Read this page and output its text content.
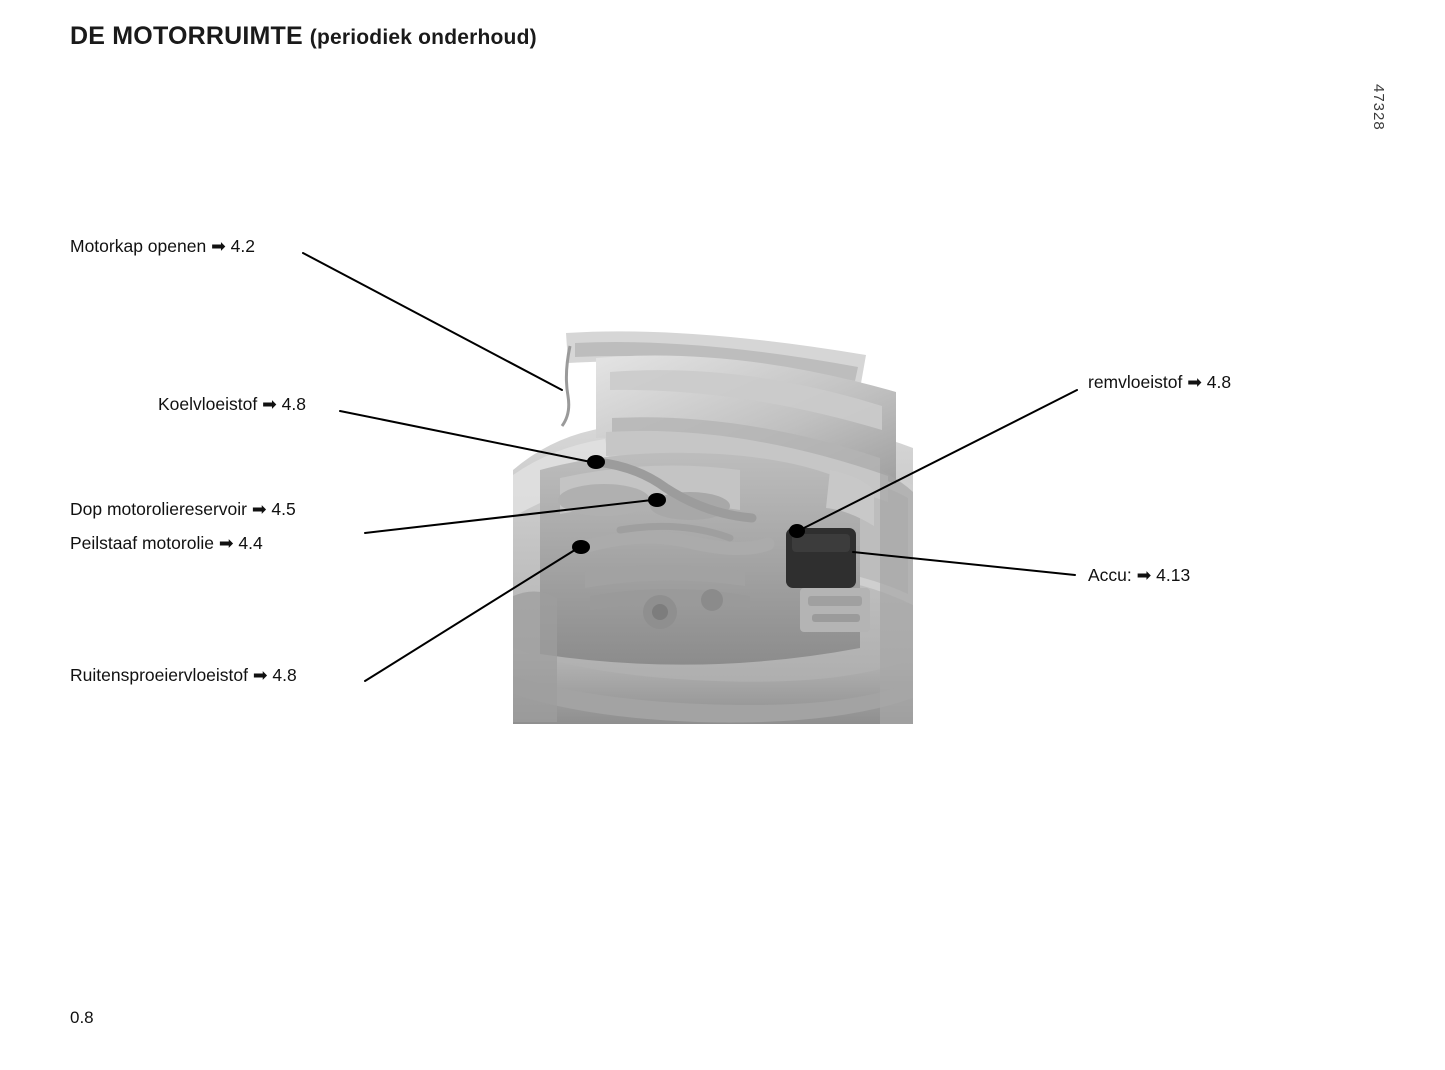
DE MOTORRUIMTE (periodiek onderhoud)
47328
Motorkap openen ➡ 4.2
Koelvloeistof ➡ 4.8
Dop motoroliereservoir ➡ 4.5
Peilstaaf motorolie ➡ 4.4
Ruitensproeiervloeistof ➡ 4.8
remvloeistof ➡ 4.8
Accu: ➡ 4.13
0.8
